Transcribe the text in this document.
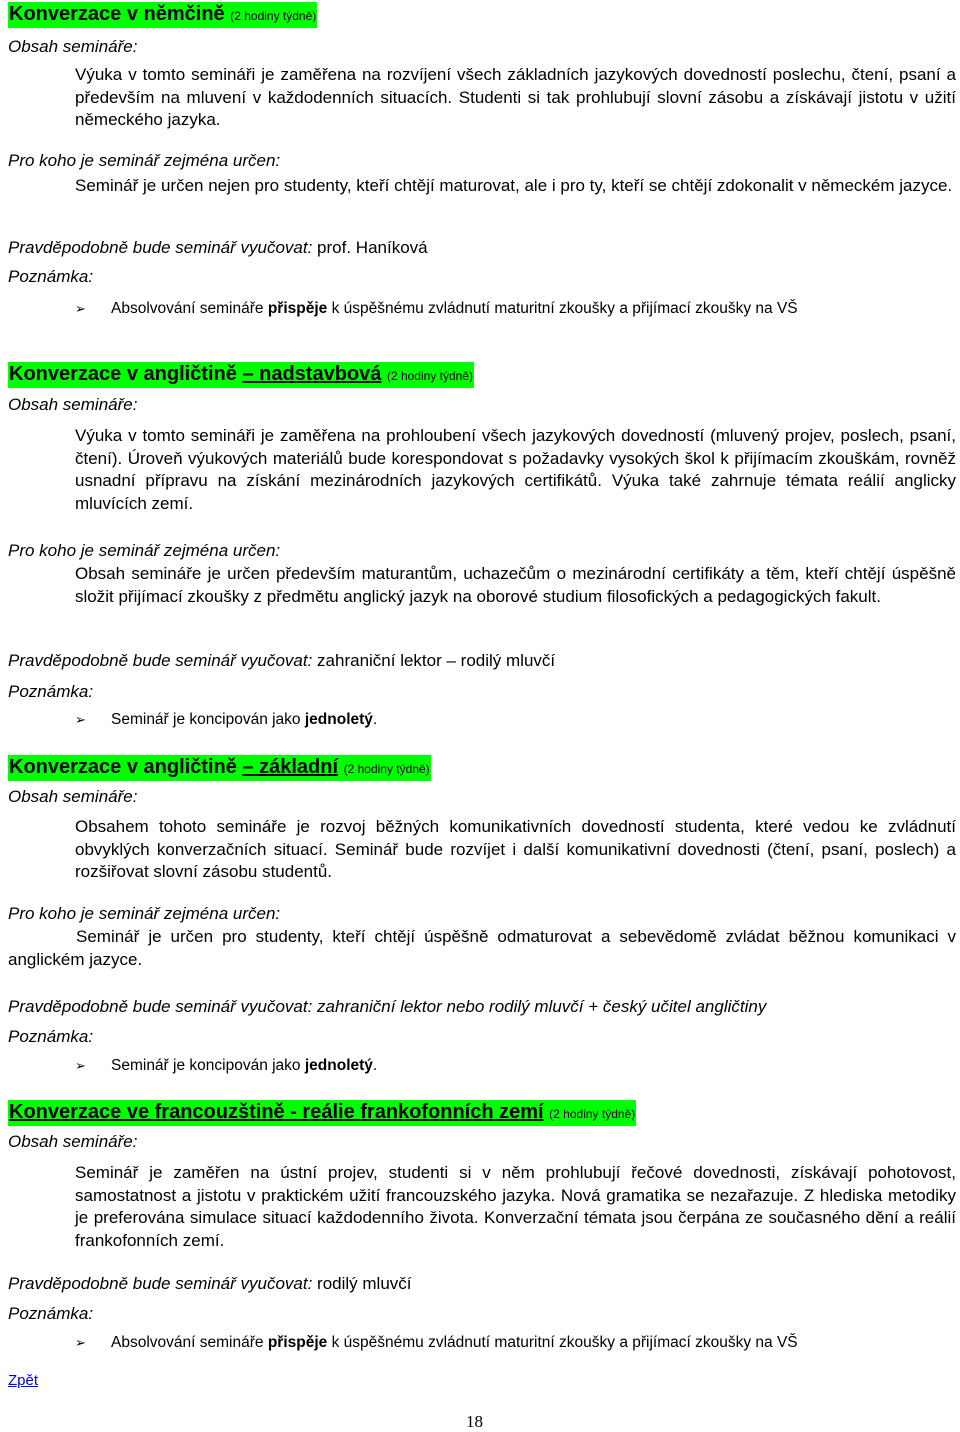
Konverzace v němčině (2 hodiny týdně)
Obsah semináře:

Výuka v tomto semináři je zaměřena na rozvíjení všech základních jazykových dovedností poslechu, čtení, psaní a především na mluvení v každodenních situacích. Studenti si tak prohlubují slovní zásobu a získávají jistotu v užití německého jazyka.

Pro koho je seminář zejména určen:

Seminář je určen nejen pro studenty, kteří chtějí maturovat, ale i pro ty, kteří se chtějí zdokonalit v německém jazyce.

Pravděpodobně bude seminář vyučovat: prof. Haníková
Poznámka:
➢ Absolvování semináře přispěje k úspěšnému zvládnutí maturitní zkoušky a přijímací zkoušky na VŠ
Konverzace v angličtině – nadstavbová (2 hodiny týdně)
Obsah semináře:

Výuka v tomto semináři je zaměřena na prohloubení všech jazykových dovedností (mluvený projev, poslech, psaní, čtení). Úroveň výukových materiálů bude korespondovat s požadavky vysokých škol k přijímacím zkouškám, rovněž usnadní přípravu na získání mezinárodních jazykových certifikátů. Výuka také zahrnuje témata reálií anglicky mluvících zemí.

Pro koho je seminář zejména určen:

Obsah semináře je určen především maturantům, uchazečům o mezinárodní certifikáty a těm, kteří chtějí úspěšně složit přijímací zkoušky z předmětu anglický jazyk na oborové studium filosofických a pedagogických fakult.

Pravděpodobně bude seminář vyučovat: zahraniční lektor – rodilý mluvčí
Poznámka:
➢ Seminář je koncipován jako jednoletý.
Konverzace v angličtině – základní (2 hodiny týdně)
Obsah semináře:

Obsahem tohoto semináře je rozvoj běžných komunikativních dovedností studenta, které vedou ke zvládnutí obvyklých konverzačních situací. Seminář bude rozvíjet i další komunikativní dovednosti (čtení, psaní, poslech) a rozšiřovat slovní zásobu studentů.

Pro koho je seminář zejména určen:

Seminář je určen pro studenty, kteří chtějí úspěšně odmaturovat a sebevědomě zvládat běžnou komunikaci v anglickém jazyce.

Pravděpodobně bude seminář vyučovat: zahraniční lektor nebo rodilý mluvčí + český učitel angličtiny
Poznámka:
➢ Seminář je koncipován jako jednoletý.
Konverzace ve francouzštině - reálie frankofonních zemí (2 hodiny týdně)
Obsah semináře:

Seminář je zaměřen na ústní projev, studenti si v něm prohlubují řečové dovednosti, získávají pohotovost, samostatnost a jistotu v praktickém užití francouzského jazyka. Nová gramatika se nezařazuje. Z hlediska metodiky je preferována simulace situací každodenního života. Konverzační témata jsou čerpána ze současného dění a reálií frankofonních zemí.

Pravděpodobně bude seminář vyučovat: rodilý mluvčí
Poznámka:
➢ Absolvování semináře přispěje k úspěšnému zvládnutí maturitní zkoušky a přijímací zkoušky na VŠ
Zpět
18
